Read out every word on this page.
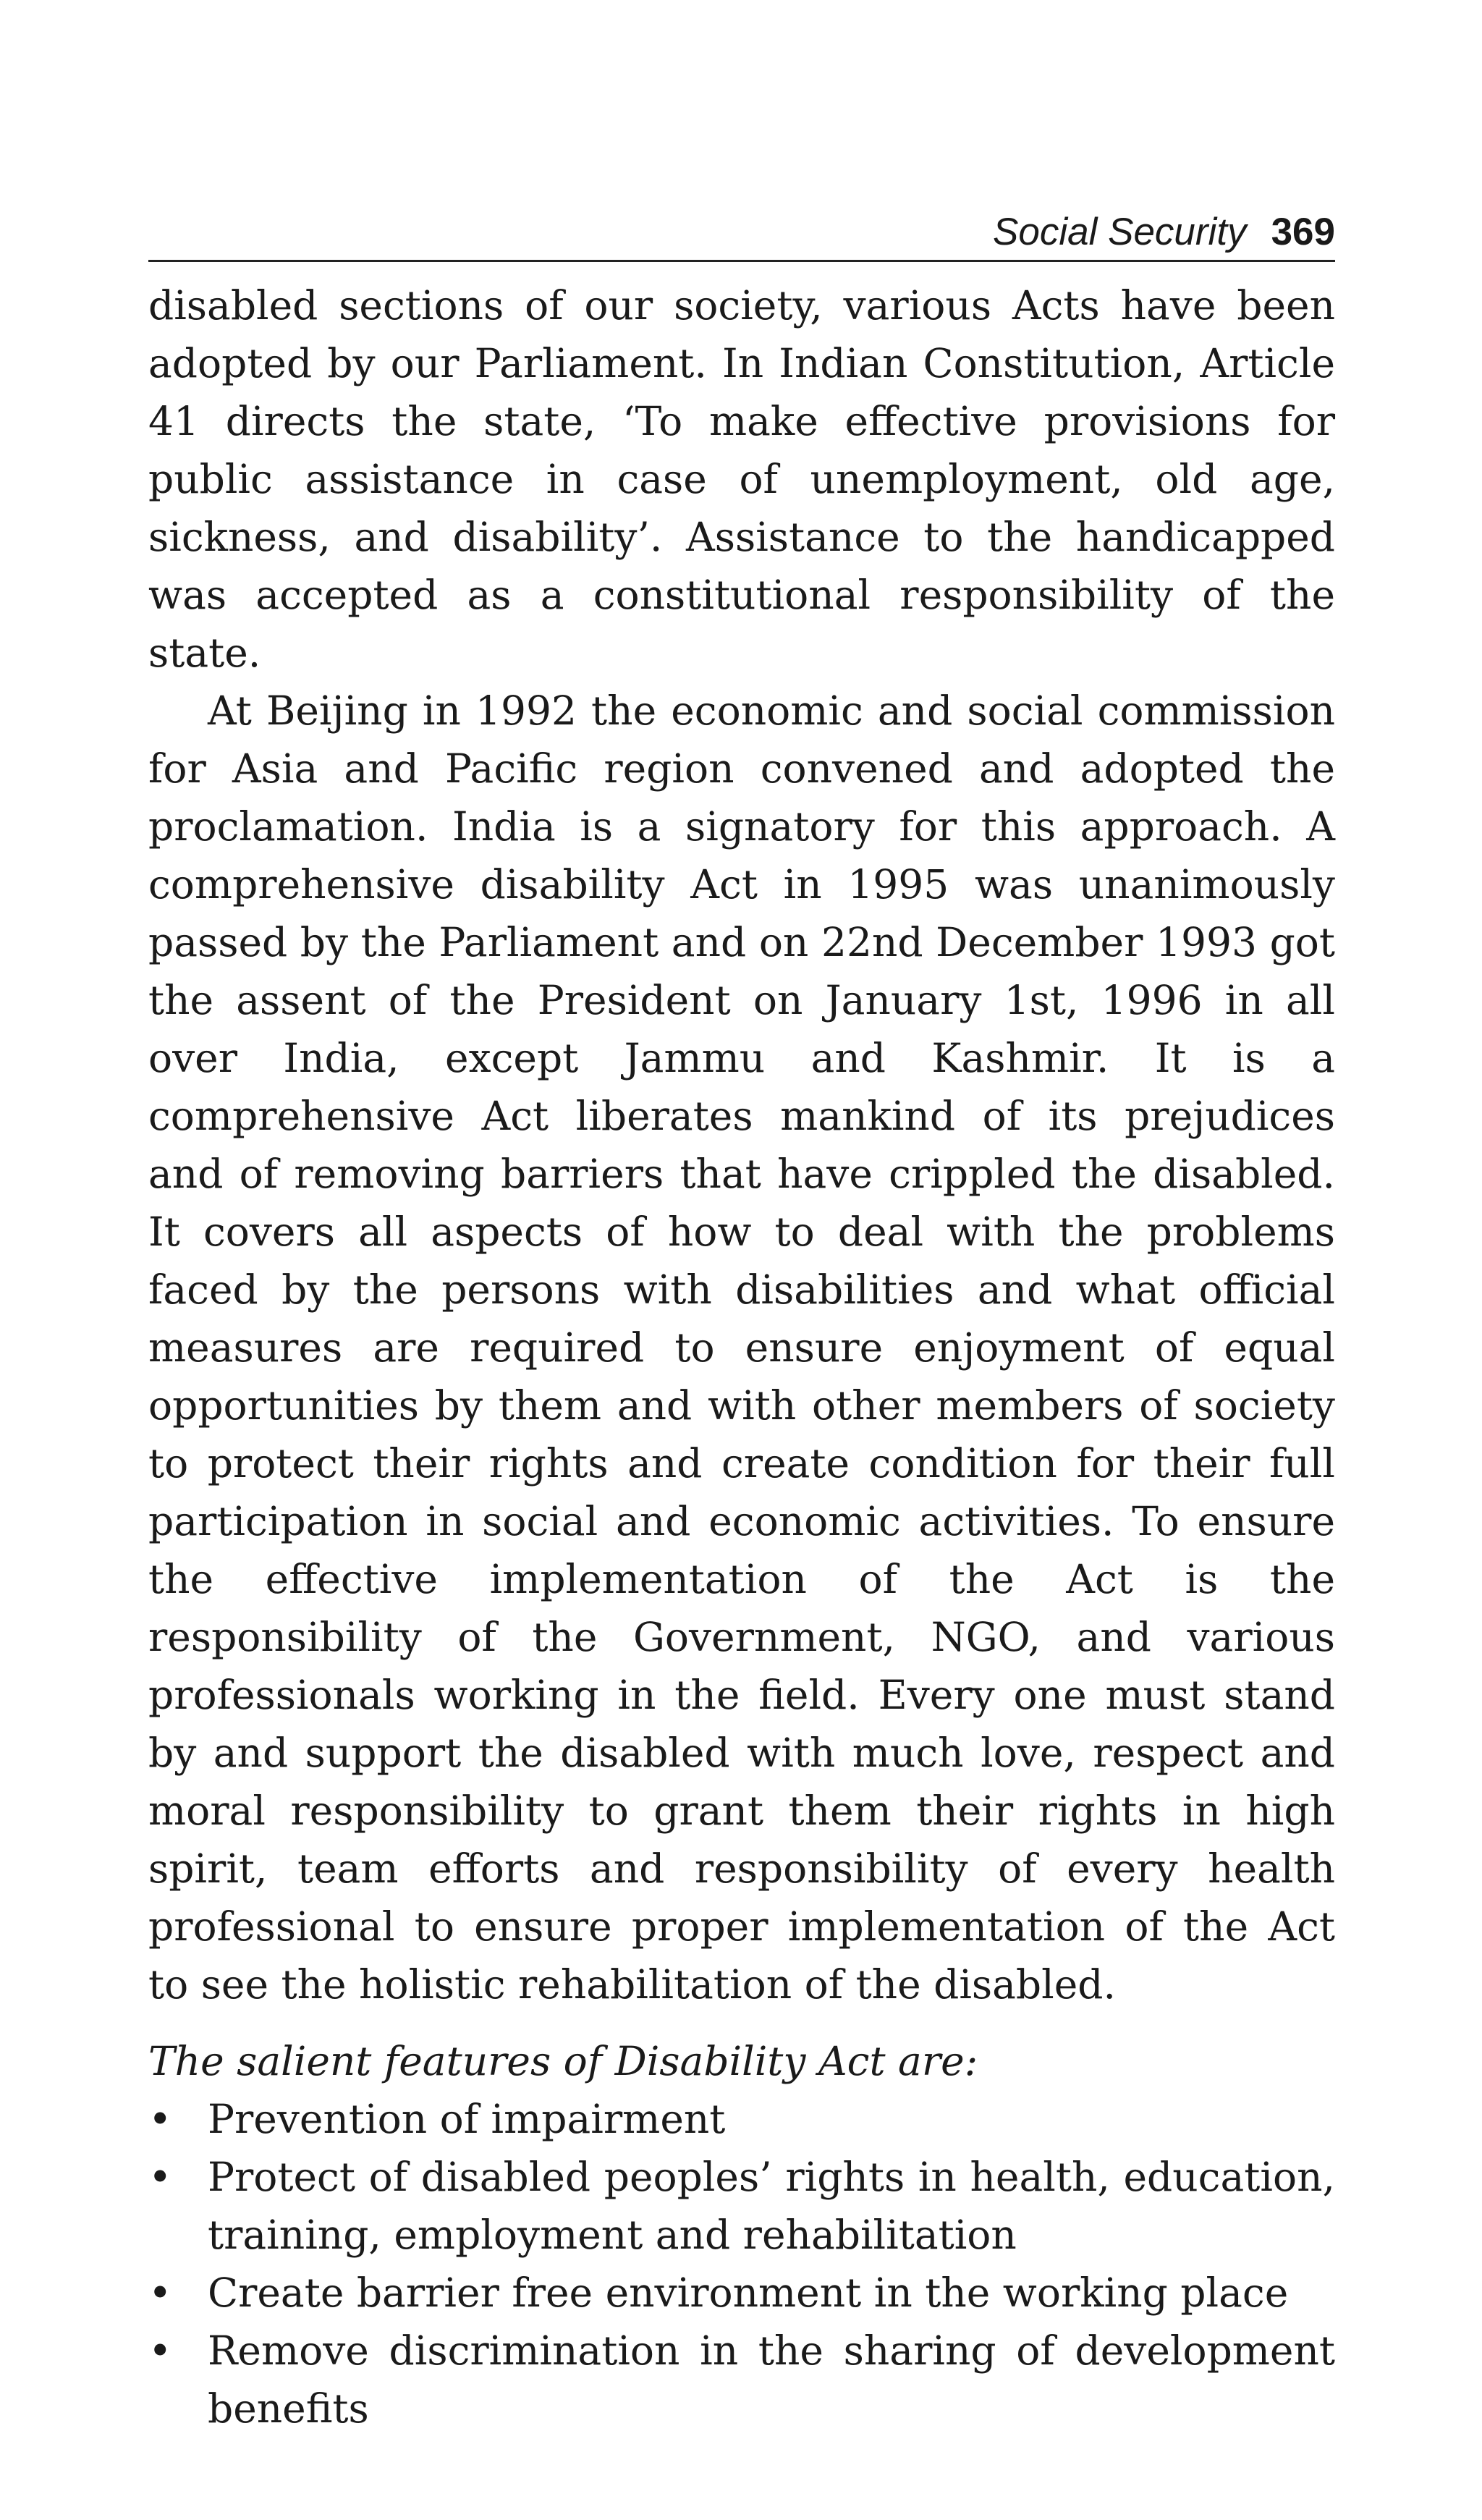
Social Security 369

disabled sections of our society, various Acts have been adopted by our Parliament. In Indian Constitution, Article 41 directs the state, ‘To make effective provisions for public assistance in case of unemployment, old age, sickness, and disability’. Assistance to the handicapped was accepted as a constitutional responsibility of the state.

At Beijing in 1992 the economic and social commission for Asia and Pacific region convened and adopted the proclamation. India is a signatory for this approach. A comprehensive disability Act in 1995 was unanimously passed by the Parliament and on 22nd December 1993 got the assent of the President on January 1st, 1996 in all over India, except Jammu and Kashmir. It is a comprehensive Act liberates mankind of its prejudices and of removing barriers that have crippled the disabled. It covers all aspects of how to deal with the problems faced by the persons with disabilities and what official measures are required to ensure enjoyment of equal opportunities by them and with other members of society to protect their rights and create condition for their full participation in social and economic activities. To ensure the effective implementation of the Act is the responsibility of the Government, NGO, and various professionals working in the field. Every one must stand by and support the disabled with much love, respect and moral responsibility to grant them their rights in high spirit, team efforts and responsibility of every health professional to ensure proper implementation of the Act to see the holistic rehabilitation of the disabled.

The salient features of Disability Act are:
• Prevention of impairment
• Protect of disabled peoples’ rights in health, education, training, employment and rehabilitation
• Create barrier free environment in the working place
• Remove discrimination in the sharing of development benefits
